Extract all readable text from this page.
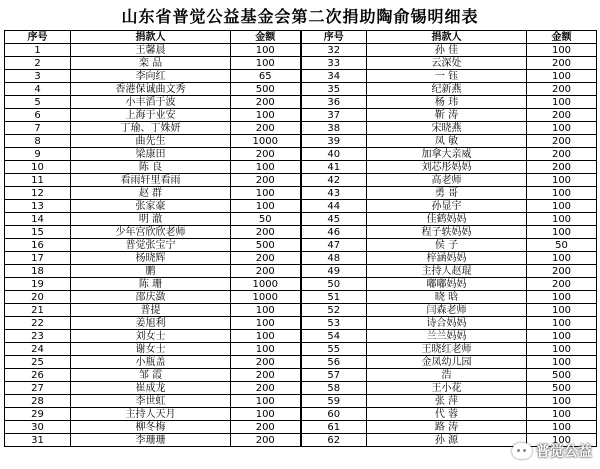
山东省普觉公益基金会第二次捐助陶俞锡明细表
序号	捐款人	金额	序号	捐款人	金额
1	王馨晨	100	32	孙 佳	100
2	栾 品	100	33	云深处	200
3	李向红	65	34	一 钰	100
4	香港保诚曲文秀	500	35	纪新燕	200
5	小丰滔于波	200	36	杨 玮	100
6	上海于业安	100	37	靳 涛	200
7	丁瑜、丁姝妍	200	38	宋晓燕	100
8	曲先生	1000	39	凤 敏	200
9	梁康田	200	40	加拿大亲威	200
10	陈 良	100	41	刘芯彤妈妈	200
11	看雨轩里看雨	200	42	高老师	100
12	赵 群	100	43	勇 哥	100
13	张家豪	100	44	孙显宇	100
14	明 澈	50	45	佳鹤妈妈	100
15	少年宫欣欣老师	200	46	程子轶妈妈	100
16	普觉张宝宁	500	47	侯 子	50
17	杨晓辉	200	48	梓涵妈妈	100
18	鹏	200	49	主持人赵琨	200
19	陈 珊	1000	50	嘟嘟妈妈	200
20	邵庆潋	1000	51	晓 晗	100
21	普提	100	52	闫森老师	100
22	姜旭利	100	53	诗合妈妈	100
23	刘女士	100	54	兰兰妈妈	100
24	谢女士	100	55	王晓红老师	100
25	小瓶盖	200	56	金凤幼儿园	100
26	邹 霞	200	57	浩	500
27	崔成龙	200	58	王小花	500
28	李世虹	100	59	张 萍	100
29	主持人天月	100	60	代 蓉	100
30	柳冬梅	200	61	路 涛	100
31	李珊珊	200	62	孙 源	100
普觉公益
